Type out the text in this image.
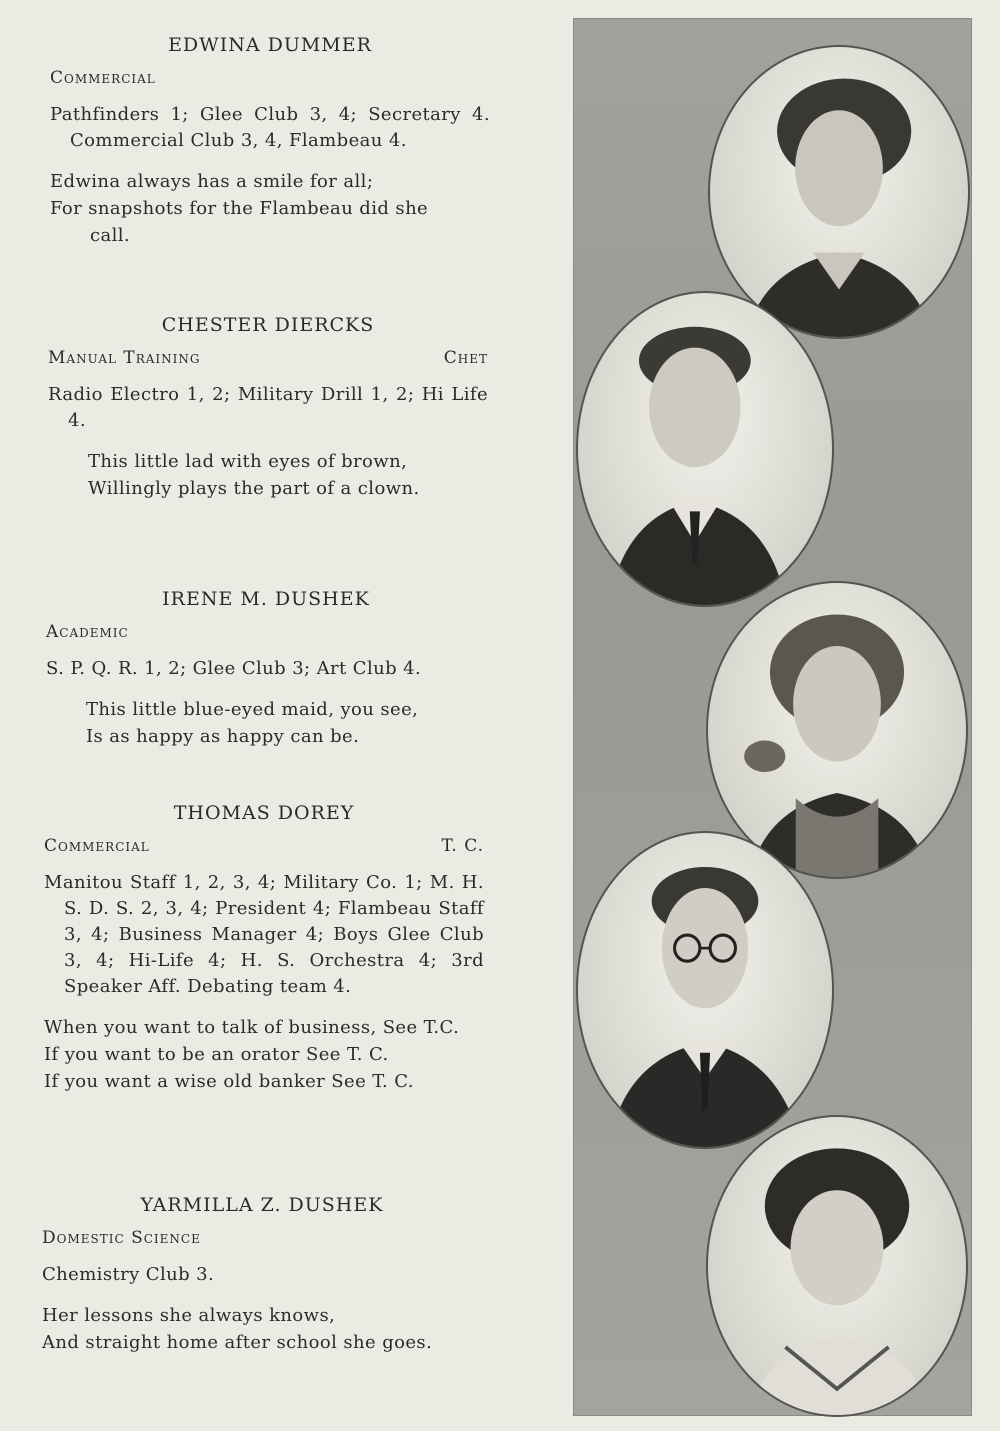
EDWINA DUMMER
Commercial
Pathfinders 1; Glee Club 3, 4; Secretary 4. Commercial Club 3, 4, Flambeau 4.
Edwina always has a smile for all;
For snapshots for the Flambeau did she
call.
CHESTER DIERCKS
Manual Training	Chet
Radio Electro 1, 2; Military Drill 1, 2; Hi Life 4.
This little lad with eyes of brown,
Willingly plays the part of a clown.
IRENE M. DUSHEK
Academic
S. P. Q. R. 1, 2; Glee Club 3; Art Club 4.
This little blue-eyed maid, you see,
Is as happy as happy can be.
THOMAS DOREY
Commercial	T. C.
Manitou Staff 1, 2, 3, 4; Military Co. 1; M. H. S. D. S. 2, 3, 4; President 4; Flambeau Staff 3, 4; Business Manager 4; Boys Glee Club 3, 4; Hi-Life 4; H. S. Orchestra 4; 3rd Speaker Aff. Debating team 4.
When you want to talk of business, See T.C.
If you want to be an orator See T. C.
If you want a wise old banker See T. C.
YARMILLA Z. DUSHEK
Domestic Science
Chemistry Club 3.
Her lessons she always knows,
And straight home after school she goes.
